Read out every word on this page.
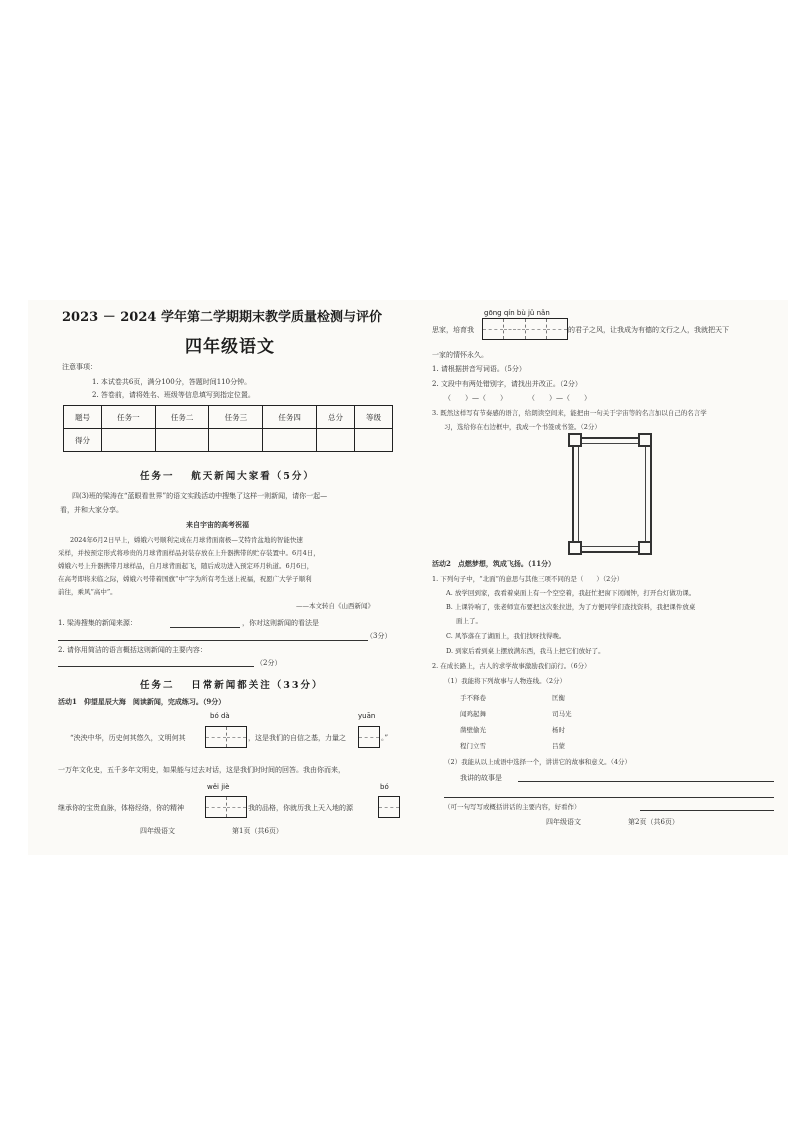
2023 － 2024 学年第二学期期末教学质量检测与评价
四年级语文
注意事项：
1. 本试卷共6页，满分100分，答题时间110分钟。
2. 答卷前，请将姓名、班级等信息填写到指定位置。
题号	任务一	任务二	任务三	任务四	总分	等级
得分						
任务一　 航天新闻大家看（5分）
四(3)班的梁涛在“蓝眼看世界”的语文实践活动中搜集了这样一则新闻，请你一起—
看，并和大家分享。
来自宇宙的高考祝福
2024年6月2日早上，嫦娥六号顺利完成在月球背面南极—艾特肯盆地的智能快速
采样，并按预定形式将珍贵的月球背面样品封装存放在上升器携带的贮存装置中。6月4日，
嫦娥六号上升器携带月球样品，自月球背面起飞，随后成功进入预定环月轨道。6月6日，
在高考即将来临之际，嫦娥六号带着国旗“中”字为所有考生送上祝福，祝愿广大学子顺利
前往，乘风“高中”。
——本文转自《山西新闻》
1. 梁涛搜集的新闻来源：	，你对这则新闻的看法是
（3分）
2. 请你用简洁的语言概括这则新闻的主要内容：
（2分）
任务二　 日常新闻都关注（33分）
活动1　仰望星辰大海　阅读新闻，完成练习。（9分）
bó dà	yuān
“泱泱中华，历史何其悠久，文明何其	，这是我们的自信之基，力量之	。”
一万年文化史，五千多年文明史，如果能与过去对话，这是我们时时间的回答。我由你而来，
wěi jiè	bó
继承你的宝贵血脉，体格经络，你的精神	我的品格，你就历我上天入地的源
四年级语文	第1页（共6页）
gōng qín bù jǔ nǎn
思家，培育我	的君子之风，让我成为有德的文行之人，我就把天下
一家的情怀永久。
1. 请根据拼音写词语。（5分）
2. 文段中有两处错别字，请找出并改正。（2分）
（　　）—（　　）　　　　（　　）—（　　）
3. 既然这样写有节奏感的语言，给朗读空间来，能把由一句关于宇宙等的名言加以自己的名言学
习，选给你在右边框中，我成一个书签或书签。（2分）
活动2　点燃梦想，筑成飞扬。（11分）
1. 下列句子中，“北面”的意思与其他三项不同的是（　　）（2分）
A. 放学回到家，我看着桌面上有一个空空着，我赶忙把窗下闭闹钟，打开台灯做功课。
B. 上课铃响了，张老师宣布要把这次张拉进，为了方便同学们查找资料，我把课件放桌
面上了。
C. 风筝落在了湖面上，我们找呀找得晚。
D. 到家后看到桌上摆放满东西，我马上把它们放好了。
2. 在成长路上，古人的求学故事激励我们前行。（6分）
（1）我能将下列故事与人物连线。（2分）
手不释卷	匡衡
闻鸡起舞	司马光
凿壁偷光	杨时
程门立雪	吕蒙
（2）我能从以上成语中选择一个，讲讲它的故事和意义。（4分）
我讲的故事是
（可一句写写或概括讲话的主要内容，好看作）
四年级语文	第2页（共6页）
